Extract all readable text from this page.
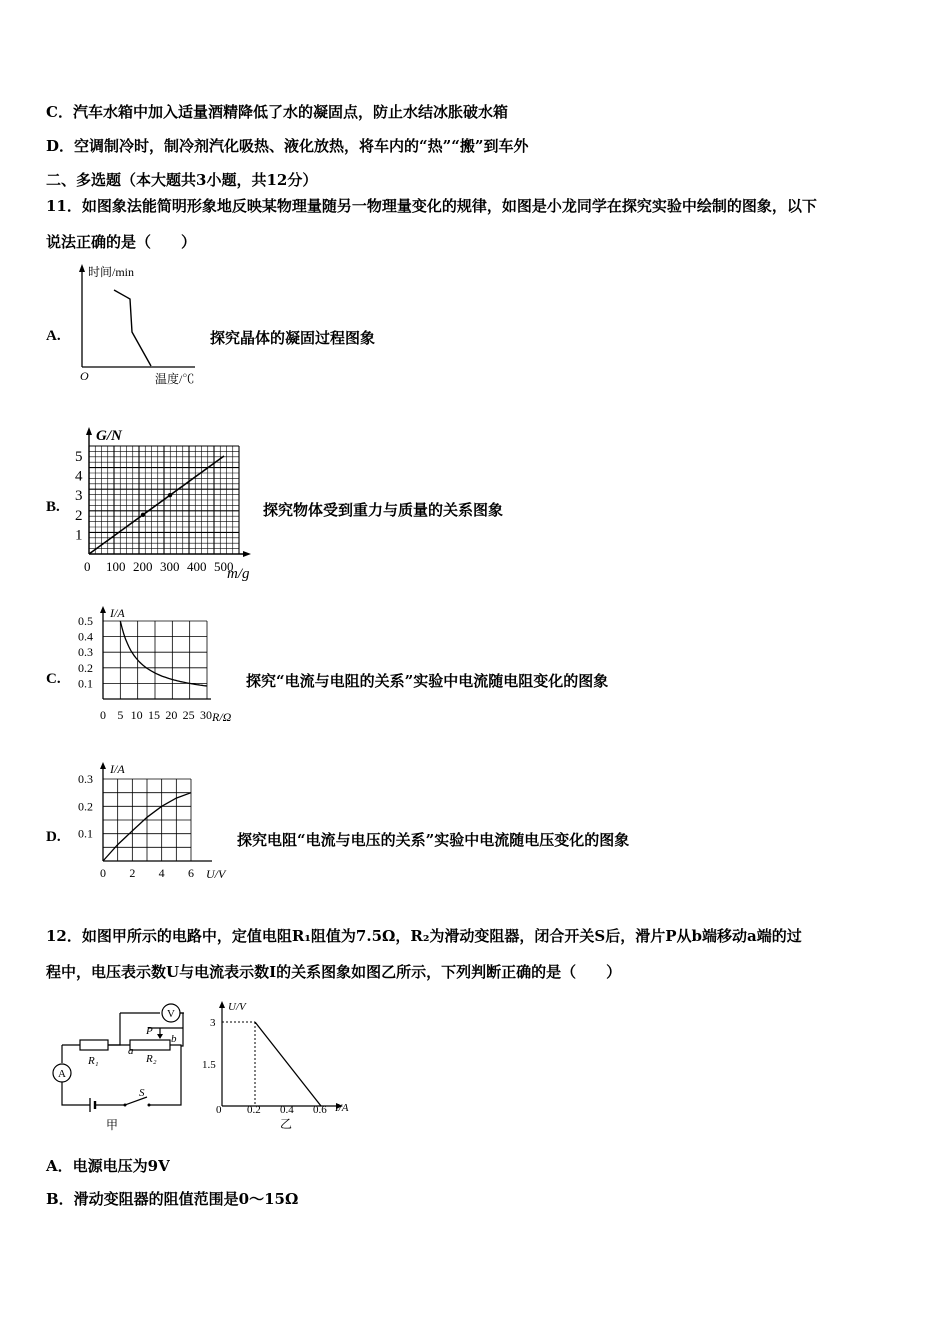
C．汽车水箱中加入适量酒精降低了水的凝固点，防止水结冰胀破水箱
D．空调制冷时，制冷剂汽化吸热、液化放热，将车内的“热”“搬”到车外
二、多选题（本大题共3小题，共12分）
11．如图象法能简明形象地反映某物理量随另一物理量变化的规律，如图是小龙同学在探究实验中绘制的图象，以下
说法正确的是（　　）
A.
时间/min
O	温度/℃
探究晶体的凝固过程图象
B.
0 100 200 300 400 500
1
2
3
4
5
G/N
m/g
探究物体受到重力与质量的关系图象
C.
0 5 10 15 20 25 30
0.1
0.2
0.3
0.4
0.5
I/A
R/Ω
探究“电流与电阻的关系”实验中电流随电阻变化的图象
D.
0 2 4 6
0.1
0.2
0.3
I/A
U/V
探究电阻“电流与电压的关系”实验中电流随电压变化的图象
12．如图甲所示的电路中，定值电阻R₁阻值为7.5Ω，R₂为滑动变阻器，闭合开关S后，滑片P从b端移动a端的过
程中，电压表示数U与电流表示数I的关系图象如图乙所示，下列判断正确的是（　　）
V
R₁
P
a
b
R₂
A
S
甲
0 0.2 0.4 0.6
3
1.5
U/V
I/A
乙
A．电源电压为9V
B．滑动变阻器的阻值范围是0～15Ω
